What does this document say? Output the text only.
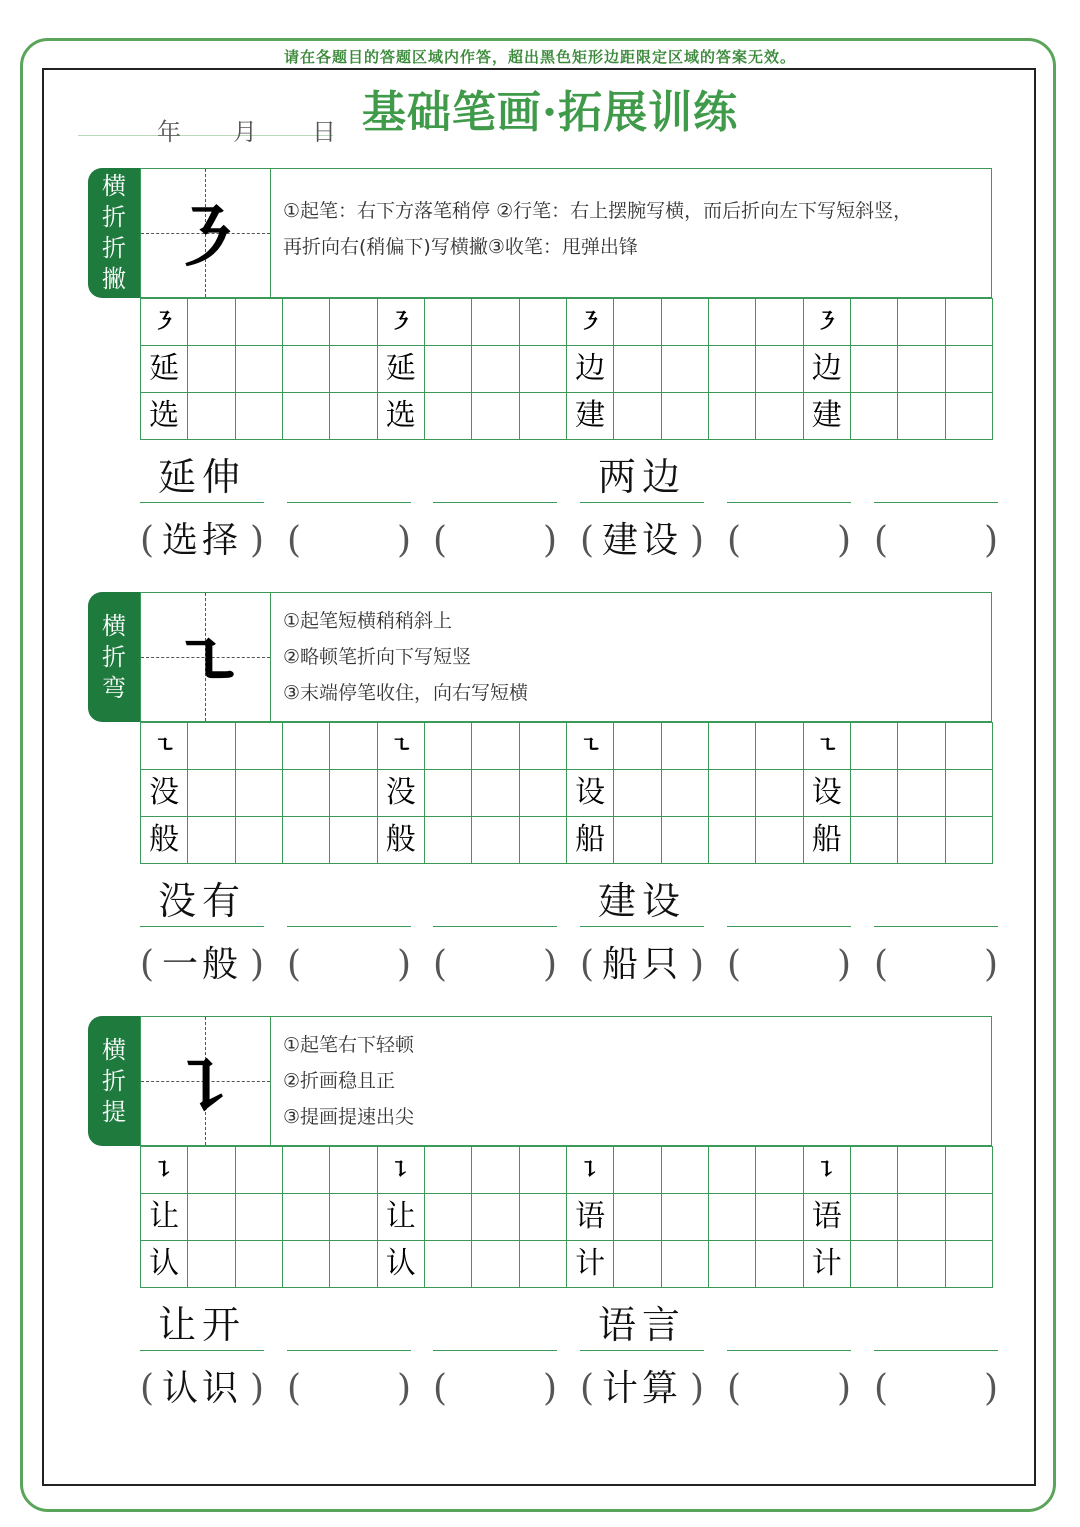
请在各题目的答题区域内作答，超出黑色矩形边距限定区域的答案无效。
基础笔画·拓展训练
年 月 日
横
折
折
撇 ㇋	①起笔：右下方落笔稍停 ②行笔：右上摆腕写横，而后折向左下写短斜竖，
再折向右(稍偏下)写横撇③收笔：甩弹出锋
㇋					㇋				㇋					㇋			
延					延				边					边			
选					选				建					建			
延伸	两边
( 选择 ) (	) (	) ( 建设 ) (	) (	)
横
折
弯 ㇍	①起笔短横稍稍斜上
②略顿笔折向下写短竖
③末端停笔收住，向右写短横
㇍					㇍				㇍					㇍			
没					没				设					设			
般					般				船					船			
没有	建设
( 一般 ) (	) (	) ( 船只 ) (	) (	)
横
折
提 ㇊	①起笔右下轻顿
②折画稳且正
③提画提速出尖
㇊					㇊				㇊					㇊			
让					让				语					语			
认					认				计					计			
让开	语言
( 认识 ) (	) (	) ( 计算 ) (	) (	)
